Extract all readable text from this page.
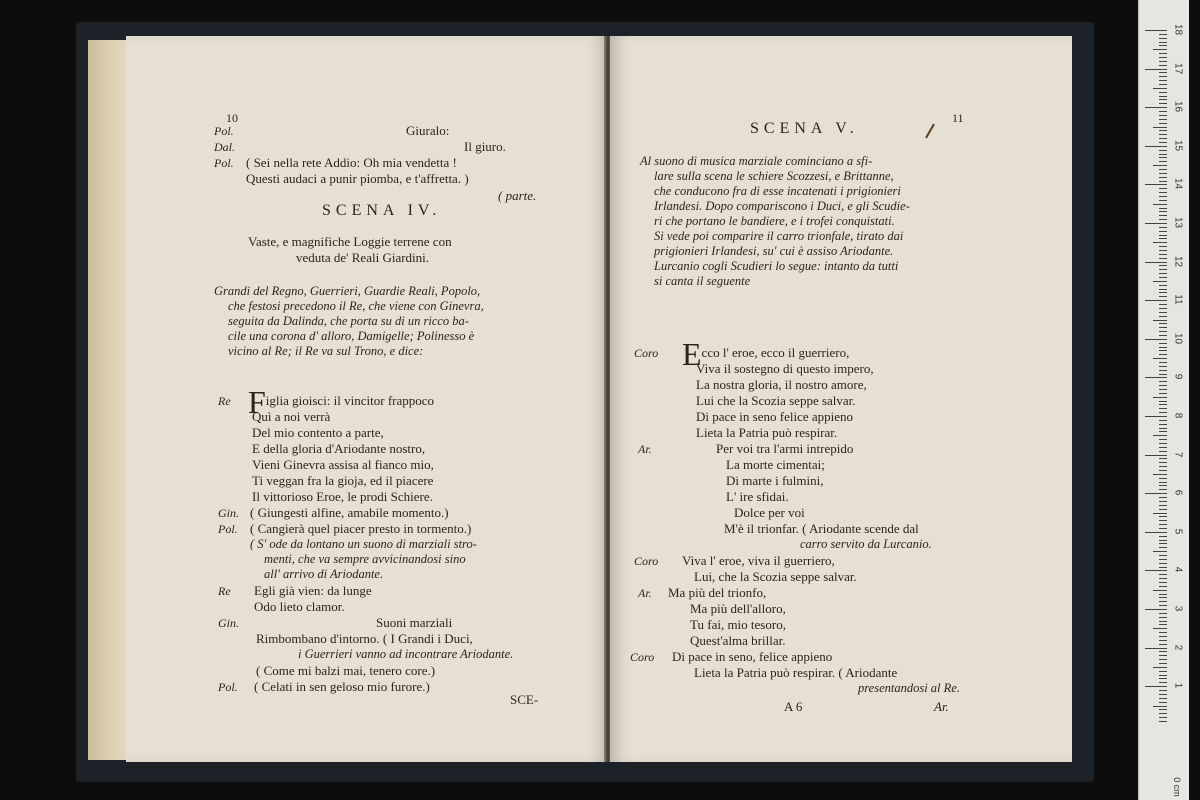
10
Pol.	Giuralo:
Dal.	Il giuro.
Pol. ( Sei nella rete Addio: Oh mia vendetta !
Questi audaci a punir piomba, e t'affretta. )
( parte.
SCENA IV.
Vaste, e magnifiche Loggie terrene con
veduta de' Reali Giardini.
Grandi del Regno, Guerrieri, Guardie Reali, Popolo,
che festosi precedono il Re, che viene con Ginevra,
seguita da Dalinda, che porta su di un ricco ba-
cile una corona d' alloro, Damigelle; Polinesso è
vicino al Re; il Re va sul Trono, e dice:
Re Figlia gioisci: il vincitor frappoco
Quì a noi verrà
Del mio contento a parte,
E della gloria d'Ariodante nostro,
Vieni Ginevra assisa al fianco mio,
Ti veggan fra la gioja, ed il piacere
Il vittorioso Eroe, le prodi Schiere.
Gin. ( Giungesti alfine, amabile momento.)
Pol. ( Cangierà quel piacer presto in tormento.)
( S' ode da lontano un suono di marziali stro-
menti, che va sempre avvicinandosi sino
all' arrivo di Ariodante.
Re Egli già vien: da lunge
Odo lieto clamor.
Gin.	Suoni marziali
Rimbombano d'intorno. ( I Grandi i Duci,
i Guerrieri vanno ad incontrare Ariodante.
( Come mi balzi mai, tenero core.)
Pol. ( Celati in sen geloso mio furore.)
SCE-
11
SCENA V.
Al suono di musica marziale cominciano a sfi-
lare sulla scena le schiere Scozzesi, e Brittanne,
che conducono fra di esse incatenati i prigionieri
Irlandesi. Dopo compariscono i Duci, e gli Scudie-
ri che portano le bandiere, e i trofei conquistati.
Si vede poi comparire il carro trionfale, tirato dai
prigionieri Irlandesi, su' cui è assiso Ariodante.
Lurcanio cogli Scudieri lo segue: intanto da tutti
si canta il seguente
Coro Ecco l' eroe, ecco il guerriero,
Viva il sostegno di questo impero,
La nostra gloria, il nostro amore,
Lui che la Scozia seppe salvar.
Di pace in seno felice appieno
Lieta la Patria può respirar.
Ar.	Per voi tra l'armi intrepido
La morte cimentai;
Di marte i fulmini,
L' ire sfidai.
Dolce per voi
M'è il trionfar. ( Ariodante scende dal
carro servito da Lurcanio.
Coro Viva l' eroe, viva il guerriero,
Lui, che la Scozia seppe salvar.
Ar. Ma più del trionfo,
Ma più dell'alloro,
Tu fai, mio tesoro,
Quest'alma brillar.
Coro Di pace in seno, felice appieno
Lieta la Patria può respirar. ( Ariodante
presentandosi al Re.
A 6	Ar.
18
17
16
15
14
13
12
11
10
9
8
7
6
5
4
3
2
1
0 cm
